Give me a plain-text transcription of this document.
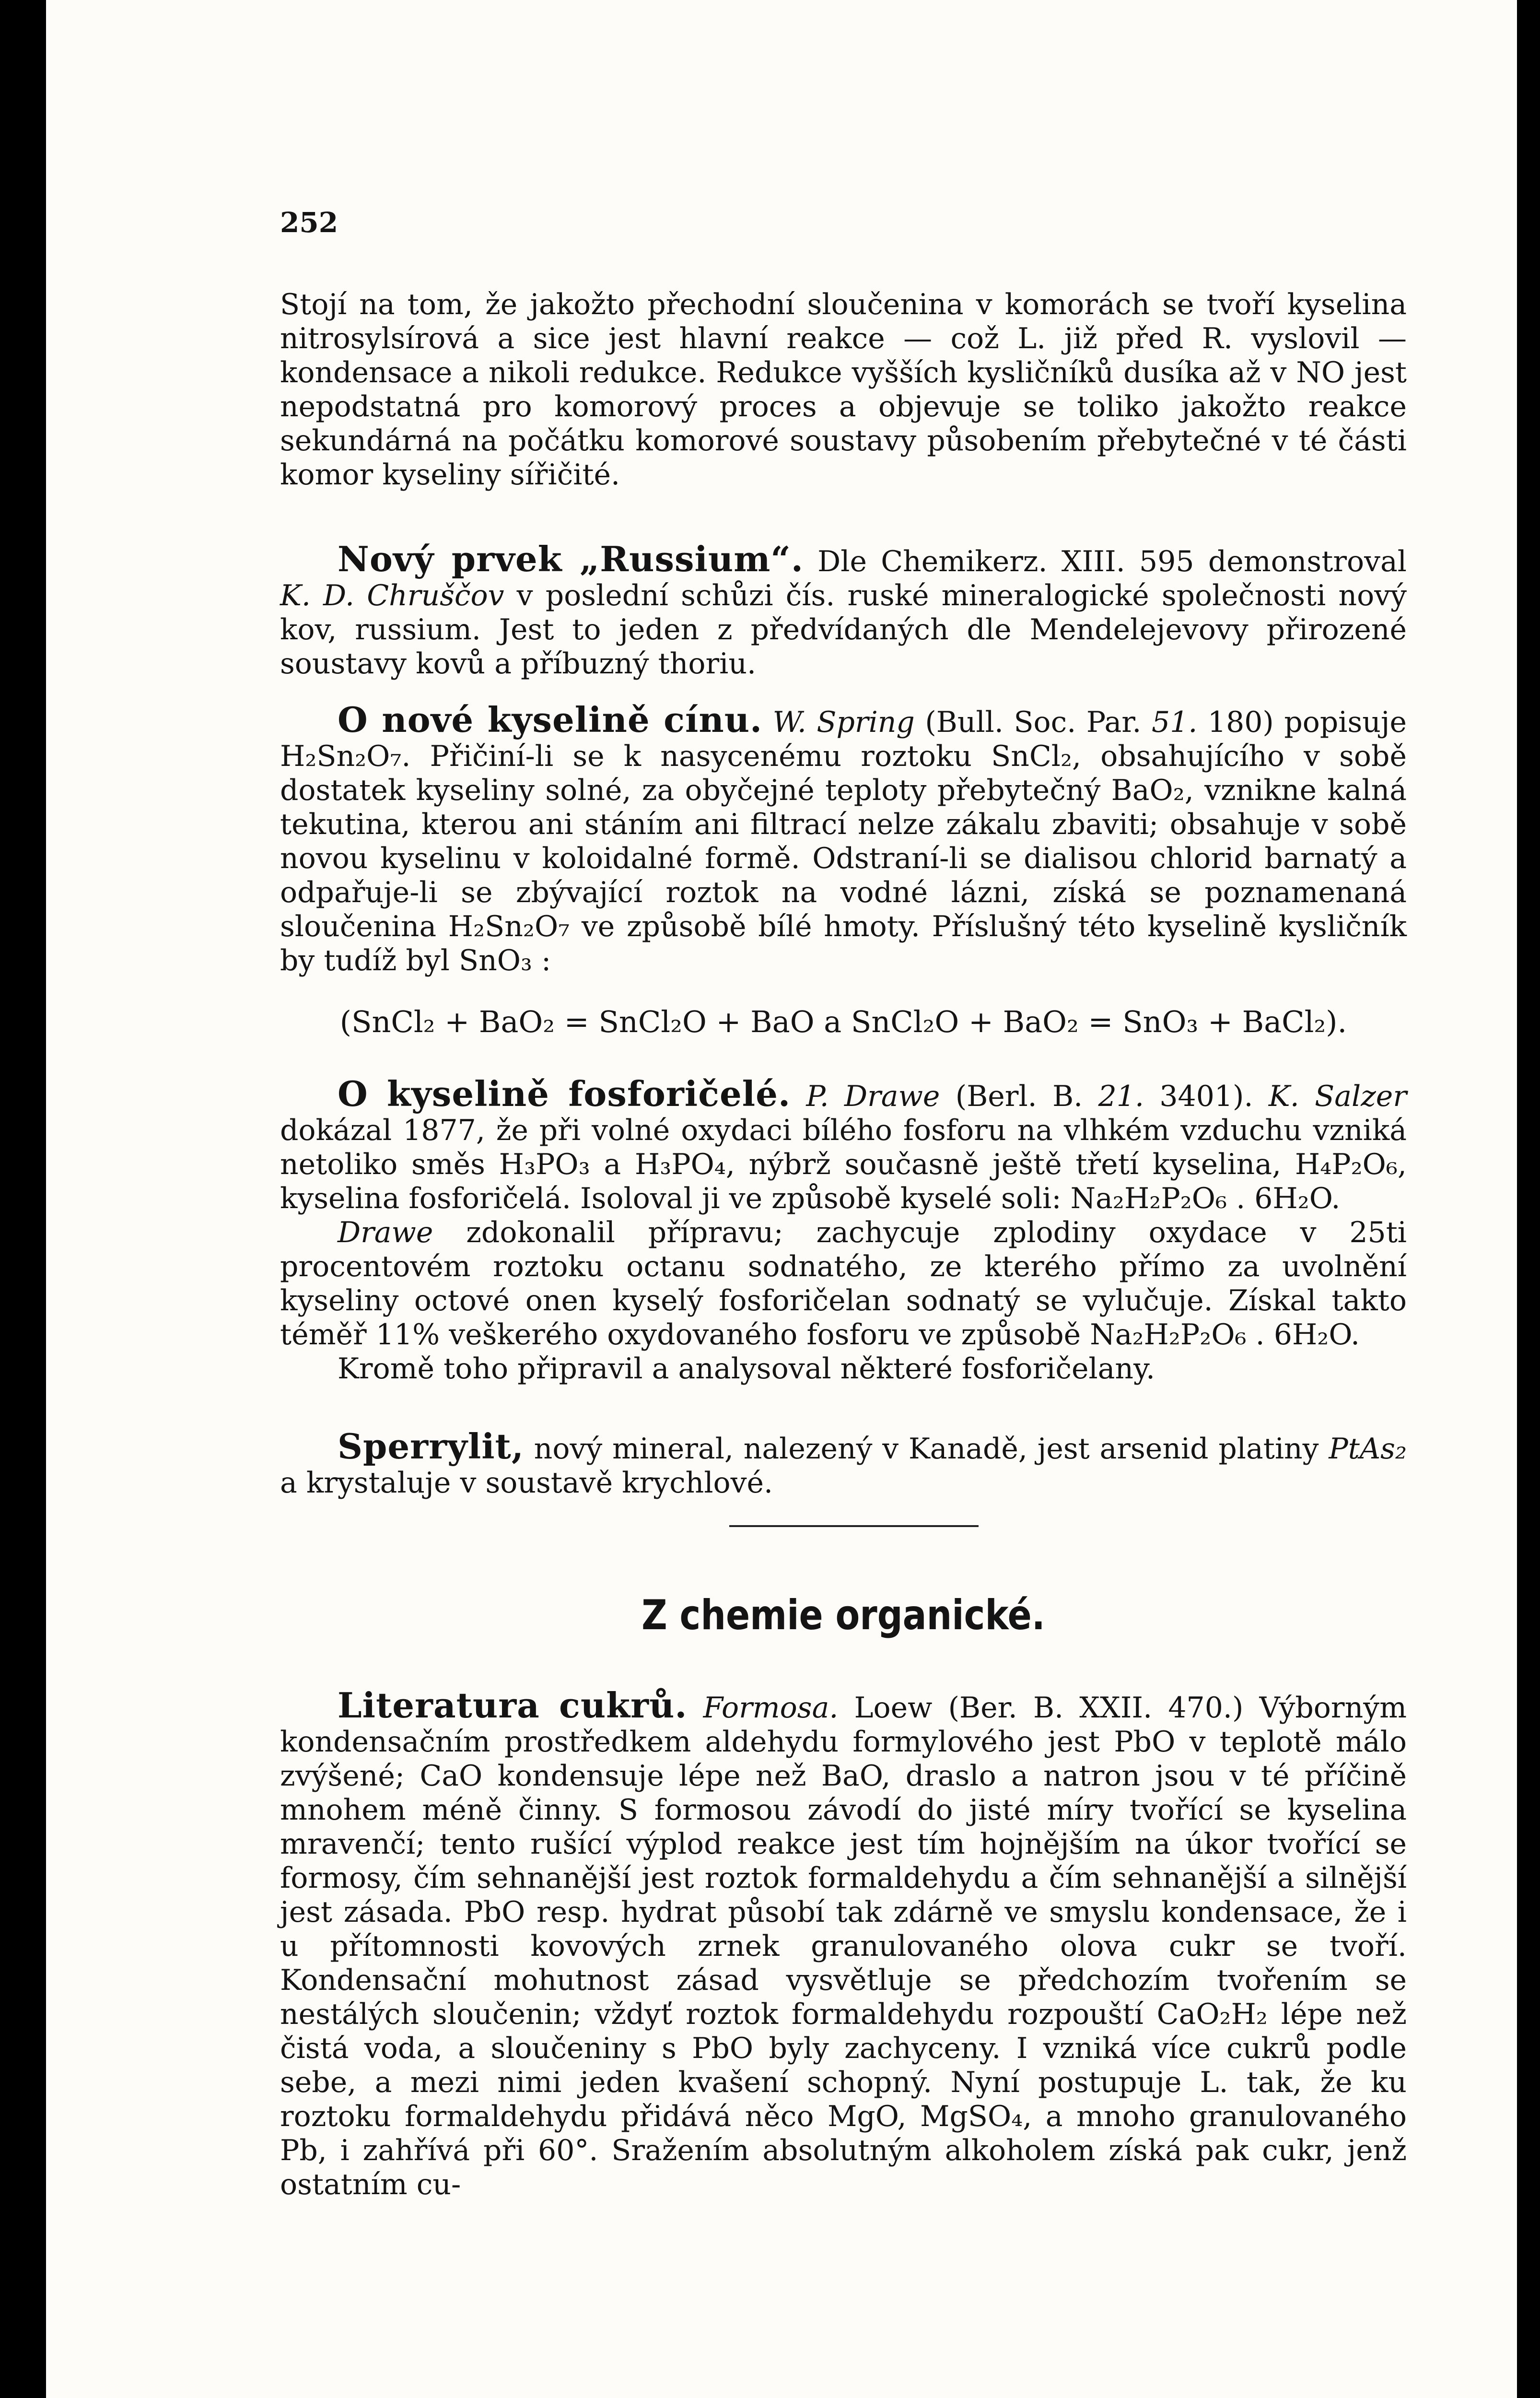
252

Stojí na tom, že jakožto přechodní sloučenina v komorách se tvoří kyselina nitrosylsírová a sice jest hlavní reakce — což L. již před R. vyslovil — kondensace a nikoli redukce. Redukce vyšších kysličníků dusíka až v NO jest nepodstatná pro komorový proces a objevuje se toliko jakožto reakce sekundárná na počátku komorové soustavy působením přebytečné v té části komor kyseliny sířičité.

Nový prvek „Russium“. Dle Chemikerz. XIII. 595 demonstroval K. D. Chruščov v poslední schůzi čís. ruské mineralogické společnosti nový kov, russium. Jest to jeden z předvídaných dle Mendelejevovy přirozené soustavy kovů a příbuzný thoriu.

O nové kyselině cínu. W. Spring (Bull. Soc. Par. 51. 180) popisuje H₂Sn₂O₇. Přičiní-li se k nasycenému roztoku SnCl₂, obsahujícího v sobě dostatek kyseliny solné, za obyčejné teploty přebytečný BaO₂, vznikne kalná tekutina, kterou ani stáním ani filtrací nelze zákalu zbaviti; obsahuje v sobě novou kyselinu v koloidalné formě. Odstraní-li se dialisou chlorid barnatý a odpařuje-li se zbývající roztok na vodné lázni, získá se poznamenaná sloučenina H₂Sn₂O₇ ve způsobě bílé hmoty. Příslušný této kyselině kysličník by tudíž byl SnO₃ :

(SnCl₂ + BaO₂ = SnCl₂O + BaO a SnCl₂O + BaO₂ = SnO₃ + BaCl₂).

O kyselině fosforičelé. P. Drawe (Berl. B. 21. 3401). K. Salzer dokázal 1877, že při volné oxydaci bílého fosforu na vlhkém vzduchu vzniká netoliko směs H₃PO₃ a H₃PO₄, nýbrž současně ještě třetí kyselina, H₄P₂O₆, kyselina fosforičelá. Isoloval ji ve způsobě kyselé soli: Na₂H₂P₂O₆ . 6H₂O.
Drawe zdokonalil přípravu; zachycuje zplodiny oxydace v 25ti procentovém roztoku octanu sodnatého, ze kterého přímo za uvolnění kyseliny octové onen kyselý fosforičelan sodnatý se vylučuje. Získal takto téměř 11% veškerého oxydovaného fosforu ve způsobě Na₂H₂P₂O₆ . 6H₂O.
Kromě toho připravil a analysoval některé fosforičelany.

Sperrylit, nový mineral, nalezený v Kanadě, jest arsenid platiny PtAs₂ a krystaluje v soustavě krychlové.

Z chemie organické.

Literatura cukrů. Formosa. Loew (Ber. B. XXII. 470.) Výborným kondensačním prostředkem aldehydu formylového jest PbO v teplotě málo zvýšené; CaO kondensuje lépe než BaO, draslo a natron jsou v té příčině mnohem méně činny. S formosou závodí do jisté míry tvořící se kyselina mravenčí; tento rušící výplod reakce jest tím hojnějším na úkor tvořící se formosy, čím sehnanější jest roztok formaldehydu a čím sehnanější a silnější jest zásada. PbO resp. hydrat působí tak zdárně ve smyslu kondensace, že i u přítomnosti kovových zrnek granulovaného olova cukr se tvoří. Kondensační mohutnost zásad vysvětluje se předchozím tvořením se nestálých sloučenin; vždyť roztok formaldehydu rozpouští CaO₂H₂ lépe než čistá voda, a sloučeniny s PbO byly zachyceny. I vzniká více cukrů podle sebe, a mezi nimi jeden kvašení schopný. Nyní postupuje L. tak, že ku roztoku formaldehydu přidává něco MgO, MgSO₄, a mnoho granulovaného Pb, i zahřívá při 60°. Sražením absolutným alkoholem získá pak cukr, jenž ostatním cu-
